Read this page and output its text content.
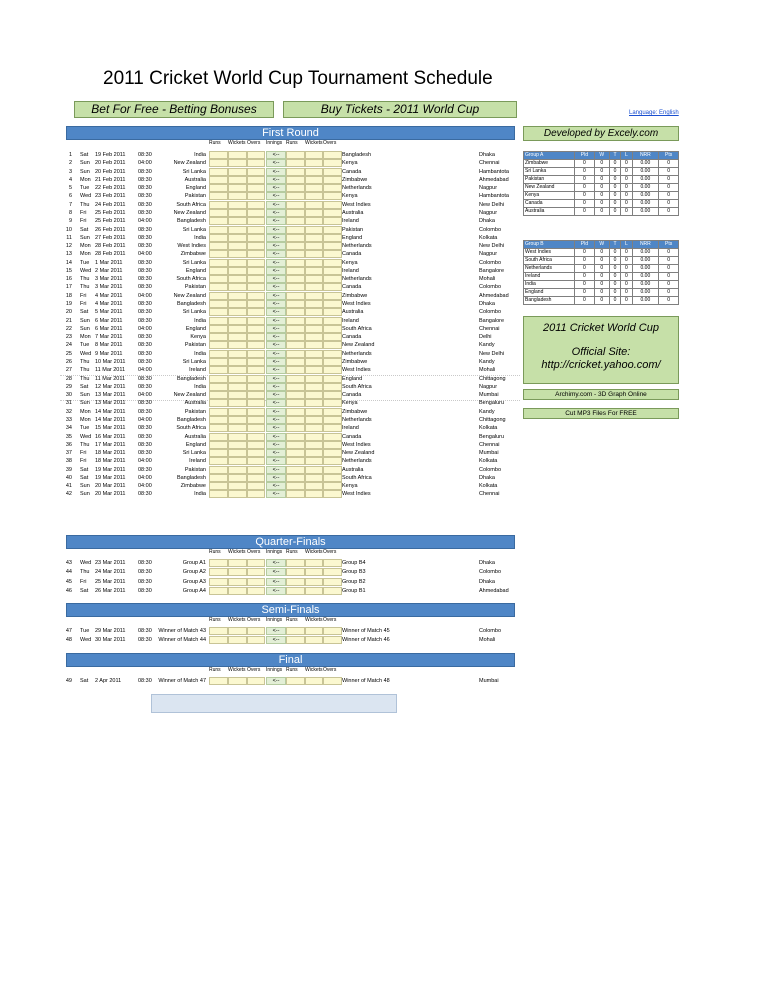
2011 Cricket World Cup Tournament Schedule
Bet For Free - Betting Bonuses	Buy Tickets - 2011 World Cup	Language: English
First Round
Runs Wickets Overs Innings Runs Wickets Overs
1 Sat 19 Feb 2011 08:30	India	Bangladesh	Dhaka
<--
2 Sun 20 Feb 2011 04:00	New Zealand	Kenya	Chennai
<--
3 Sun 20 Feb 2011 08:30	Sri Lanka	Canada	Hambantota
<--
4 Mon 21 Feb 2011 08:30	Australia	Zimbabwe	Ahmedabad
<--
5 Tue 22 Feb 2011 08:30	England	Netherlands	Nagpur
<--
6 Wed 23 Feb 2011 08:30	Pakistan	Kenya	Hambantota
<--
7 Thu 24 Feb 2011 08:30	South Africa	West Indies	New Delhi
<--
8 Fri 25 Feb 2011 08:30	New Zealand	Australia	Nagpur
<--
9 Fri 25 Feb 2011 04:00	Bangladesh	Ireland	Dhaka
<--
10 Sat 26 Feb 2011 08:30	Sri Lanka	Pakistan	Colombo
<--
11 Sun 27 Feb 2011 08:30	India	England	Kolkata
<--
12 Mon 28 Feb 2011 08:30	West Indies	Netherlands	New Delhi
<--
13 Mon 28 Feb 2011 04:00	Zimbabwe	Canada	Nagpur
<--
14 Tue 1 Mar 2011	08:30	Sri Lanka	Kenya	Colombo
<--
15 Wed 2 Mar 2011	08:30	England	Ireland	Bangalore
<--
16 Thu 3 Mar 2011	08:30	South Africa	Netherlands	Mohali
<--
17 Thu 3 Mar 2011	08:30	Pakistan	Canada	Colombo
<--
18 Fri 4 Mar 2011	04:00	New Zealand	Zimbabwe	Ahmedabad
<--
19 Fri 4 Mar 2011	08:30	Bangladesh	West Indies	Dhaka
<--
20 Sat 5 Mar 2011	08:30	Sri Lanka	Australia	Colombo
<--
21 Sun 6 Mar 2011	08:30	India	Ireland	Bangalore
<--
22 Sun 6 Mar 2011	04:00	England	South Africa	Chennai
<--
23 Mon 7 Mar 2011	08:30	Kenya	Canada	Delhi
<--
24 Tue 8 Mar 2011	08:30	Pakistan	New Zealand	Kandy
<--
25 Wed 9 Mar 2011	08:30	India	Netherlands	New Delhi
<--
26 Thu 10 Mar 2011 08:30	Sri Lanka	Zimbabwe	Kandy
<--
27 Thu 11 Mar 2011 04:00	Ireland	West Indies	Mohali
<--
28 Thu 11 Mar 2011 08:30	Bangladesh	England	Chittagong
<--
29 Sat 12 Mar 2011 08:30	India	South Africa	Nagpur
<--
30 Sun 13 Mar 2011 04:00	New Zealand	Canada	Mumbai
<--
31 Sun 13 Mar 2011 08:30	Australia	Kenya	Bengaluru
<--
32 Mon 14 Mar 2011 08:30	Pakistan	Zimbabwe	Kandy
<--
33 Mon 14 Mar 2011 04:00	Bangladesh	Netherlands	Chittagong
<--
34 Tue 15 Mar 2011 08:30	South Africa	Ireland	Kolkata
<--
35 Wed 16 Mar 2011 08:30	Australia	Canada	Bengaluru
<--
36 Thu 17 Mar 2011 08:30	England	West Indies	Chennai
<--
37 Fri 18 Mar 2011 08:30	Sri Lanka	New Zealand	Mumbai
<--
38 Fri 18 Mar 2011 04:00	Ireland	Netherlands	Kolkata
<--
39 Sat 19 Mar 2011 08:30	Pakistan	Australia	Colombo
<--
40 Sat 19 Mar 2011 04:00	Bangladesh	South Africa	Dhaka
<--
41 Sun 20 Mar 2011 04:00	Zimbabwe	Kenya	Kolkata
<--
42 Sun 20 Mar 2011 08:30	India	West Indies	Chennai
<--
Quarter-Finals
Runs Wickets Overs Innings Runs Wickets Overs
43 Wed 23 Mar 2011 08:30	Group A1	Group B4	Dhaka
<--
44 Thu 24 Mar 2011 08:30	Group A2	Group B3	Colombo
<--
45 Fri 25 Mar 2011 08:30	Group A3	Group B2	Dhaka
<--
46 Sat 26 Mar 2011 08:30	Group A4	Group B1	Ahmedabad
<--
Semi-Finals
Runs Wickets Overs Innings Runs Wickets Overs
47 Tue 29 Mar 2011 08:30	Winner of Match 43	Winner of Match 45	Colombo
<--
48 Wed 30 Mar 2011 08:30	Winner of Match 44	Winner of Match 46	Mohali
<--
Final
Runs Wickets Overs Innings Runs Wickets Overs
49 Sat 2 Apr 2011	08:30	Winner of Match 47	Winner of Match 48	Mumbai
<--
Group A	Pld	W	T	L	NRR	Pts
Zimbabwe	0	0	0	0	0.00	0
Sri Lanka	0	0	0	0	0.00	0
Pakistan	0	0	0	0	0.00	0
New Zealand	0	0	0	0	0.00	0
Kenya	0	0	0	0	0.00	0
Canada	0	0	0	0	0.00	0
Australia	0	0	0	0	0.00	0
Group B	Pld	W	T	L	NRR	Pts
West Indies	0	0	0	0	0.00	0
South Africa	0	0	0	0	0.00	0
Netherlands	0	0	0	0	0.00	0
Ireland	0	0	0	0	0.00	0
India	0	0	0	0	0.00	0
England	0	0	0	0	0.00	0
Bangladesh	0	0	0	0	0.00	0
Developed by Excely.com
2011 Cricket World Cup
Official Site:
http://cricket.yahoo.com/
Archimy.com - 3D Graph Online
Cut MP3 Files For FREE
